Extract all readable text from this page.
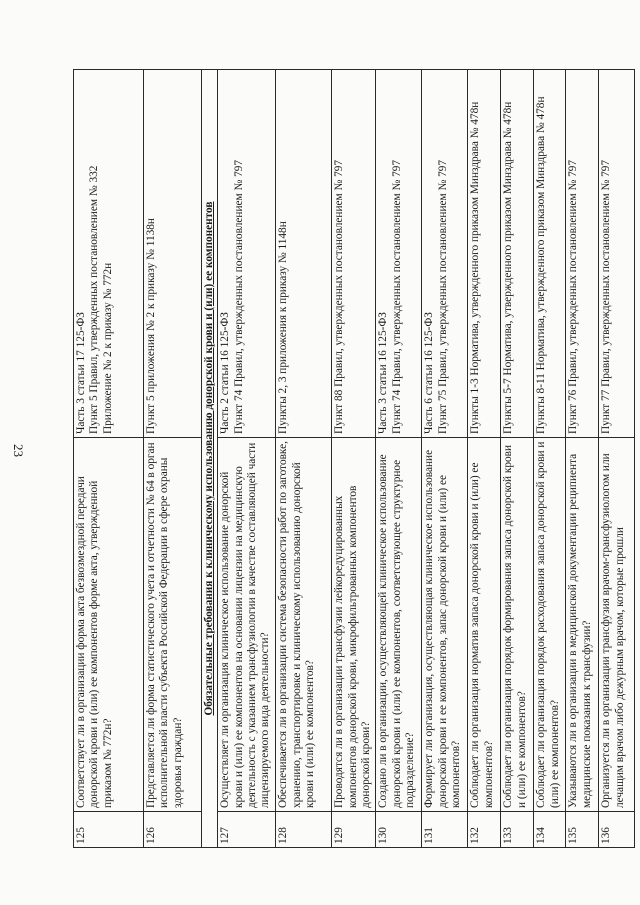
23
125	Соответствует ли в организации форма акта безвозмездной передачи донорской крови и (или) ее компонентов форме акта, утвержденной приказом № 772н?	Часть 3 статьи 17 125-ФЗ Пункт 5 Правил, утвержденных постановлением № 332 Приложение № 2 к приказу № 772н

126	Представляется ли форма статистического учета и отчетности № 64 в орган исполнительной власти субъекта Российской Федерации в сфере охраны здоровья граждан?	Пункт 5 приложения № 2 к приказу № 1138н

Обязательные требования к клиническому использованию донорской крови и (или) ее компонентов		
127	Осуществляет ли организация клиническое использование донорской крови и (или) ее компонентов на основании лицензии на медицинскую деятельность с указанием трансфузиологии в качестве составляющей части лицензируемого вида деятельности?	Часть 2 статьи 16 125-ФЗ Пункт 74 Правил, утвержденных постановлением № 797

128	Обеспечивается ли в организации система безопасности работ по заготовке, хранению, транспортировке и клиническому использованию донорской крови и (или) ее компонентов?	Пункты 2, 3 приложения к приказу № 1148н

129	Проводятся ли в организации трансфузии лейкоредуцированных компонентов донорской крови, микрофильтрованных компонентов донорской крови?	Пункт 88 Правил, утвержденных постановлением № 797

130	Создано ли в организации, осуществляющей клиническое использование донорской крови и (или) ее компонентов, соответствующее структурное подразделение?	Часть 3 статьи 16 125-ФЗ Пункт 74 Правил, утвержденных постановлением № 797

131	Формирует ли организация, осуществляющая клиническое использование донорской крови и ее компонентов, запас донорской крови и (или) ее компонентов?	Часть 6 статьи 16 125-ФЗ Пункт 75 Правил, утвержденных постановлением № 797

132	Соблюдает ли организация норматив запаса донорской крови и (или) ее компонентов?	Пункты 1-3 Норматива, утвержденного приказом Минздрава № 478н

133	Соблюдает ли организация порядок формирования запаса донорской крови и (или) ее компонентов?	Пункты 5-7 Норматива, утвержденного приказом Минздрава № 478н

134	Соблюдает ли организация порядок расходования запаса донорской крови и (или) ее компонентов?	Пункты 8-11 Норматива, утвержденного приказом Минздрава № 478н

135	Указываются ли в организации в медицинской документации реципиента медицинские показания к трансфузии?	Пункт 76 Правил, утвержденных постановлением № 797

136	Организуется ли в организации трансфузия врачом-трансфузиологом или лечащим врачом либо дежурным врачом, которые прошли	Пункт 77 Правил, утвержденных постановлением № 797
